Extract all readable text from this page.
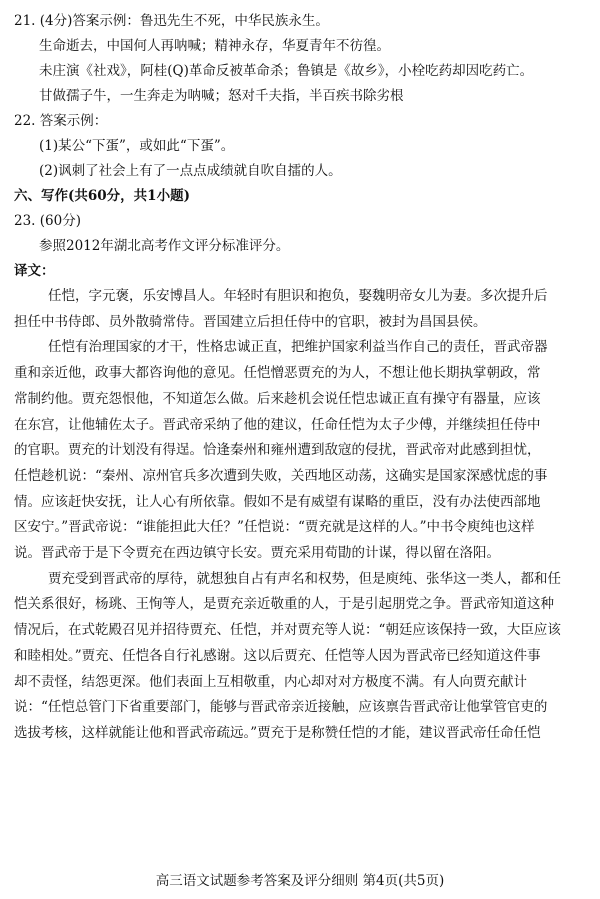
21. (4分)答案示例：鲁迅先生不死，中华民族永生。
生命逝去，中国何人再呐喊；精神永存，华夏青年不彷徨。
未庄演《社戏》，阿桂(Q)革命反被革命杀；鲁镇是《故乡》，小栓吃药却因吃药亡。
甘做孺子牛，一生奔走为呐喊；怒对千夫指，半百疾书除劣根
22. 答案示例：
(1)某公“下蛋”，或如此“下蛋”。
(2)讽刺了社会上有了一点点成绩就自吹自擂的人。
六、写作(共60分，共1小题)
23. (60分)
参照2012年湖北高考作文评分标准评分。
译文：
任恺，字元褒，乐安博昌人。年轻时有胆识和抱负，娶魏明帝女儿为妻。多次提升后
担任中书侍郎、员外散骑常侍。晋国建立后担任侍中的官职，被封为昌国县侯。
任恺有治理国家的才干，性格忠诚正直，把维护国家利益当作自己的责任，晋武帝器
重和亲近他，政事大都咨询他的意见。任恺憎恶贾充的为人，不想让他长期执掌朝政，常
常制约他。贾充怨恨他，不知道怎么做。后来趁机会说任恺忠诚正直有操守有器量，应该
在东宫，让他辅佐太子。晋武帝采纳了他的建议，任命任恺为太子少傅，并继续担任侍中
的官职。贾充的计划没有得逞。恰逢秦州和雍州遭到敌寇的侵扰，晋武帝对此感到担忧，
任恺趁机说：“秦州、凉州官兵多次遭到失败，关西地区动荡，这确实是国家深感忧虑的事
情。应该赶快安抚，让人心有所依靠。假如不是有威望有谋略的重臣，没有办法使西部地
区安宁。”晋武帝说：“谁能担此大任？”任恺说：“贾充就是这样的人。”中书令庾纯也这样
说。晋武帝于是下令贾充在西边镇守长安。贾充采用荀勖的计谋，得以留在洛阳。
贾充受到晋武帝的厚待，就想独自占有声名和权势，但是庾纯、张华这一类人，都和任
恺关系很好，杨珧、王恂等人，是贾充亲近敬重的人，于是引起朋党之争。晋武帝知道这种
情况后，在式乾殿召见并招待贾充、任恺，并对贾充等人说：“朝廷应该保持一致，大臣应该
和睦相处。”贾充、任恺各自行礼感谢。这以后贾充、任恺等人因为晋武帝已经知道这件事
却不责怪，结怨更深。他们表面上互相敬重，内心却对对方极度不满。有人向贾充献计
说：“任恺总管门下省重要部门，能够与晋武帝亲近接触，应该禀告晋武帝让他掌管官吏的
选拔考核，这样就能让他和晋武帝疏远。”贾充于是称赞任恺的才能，建议晋武帝任命任恺
高三语文试题参考答案及评分细则 第4页(共5页)
